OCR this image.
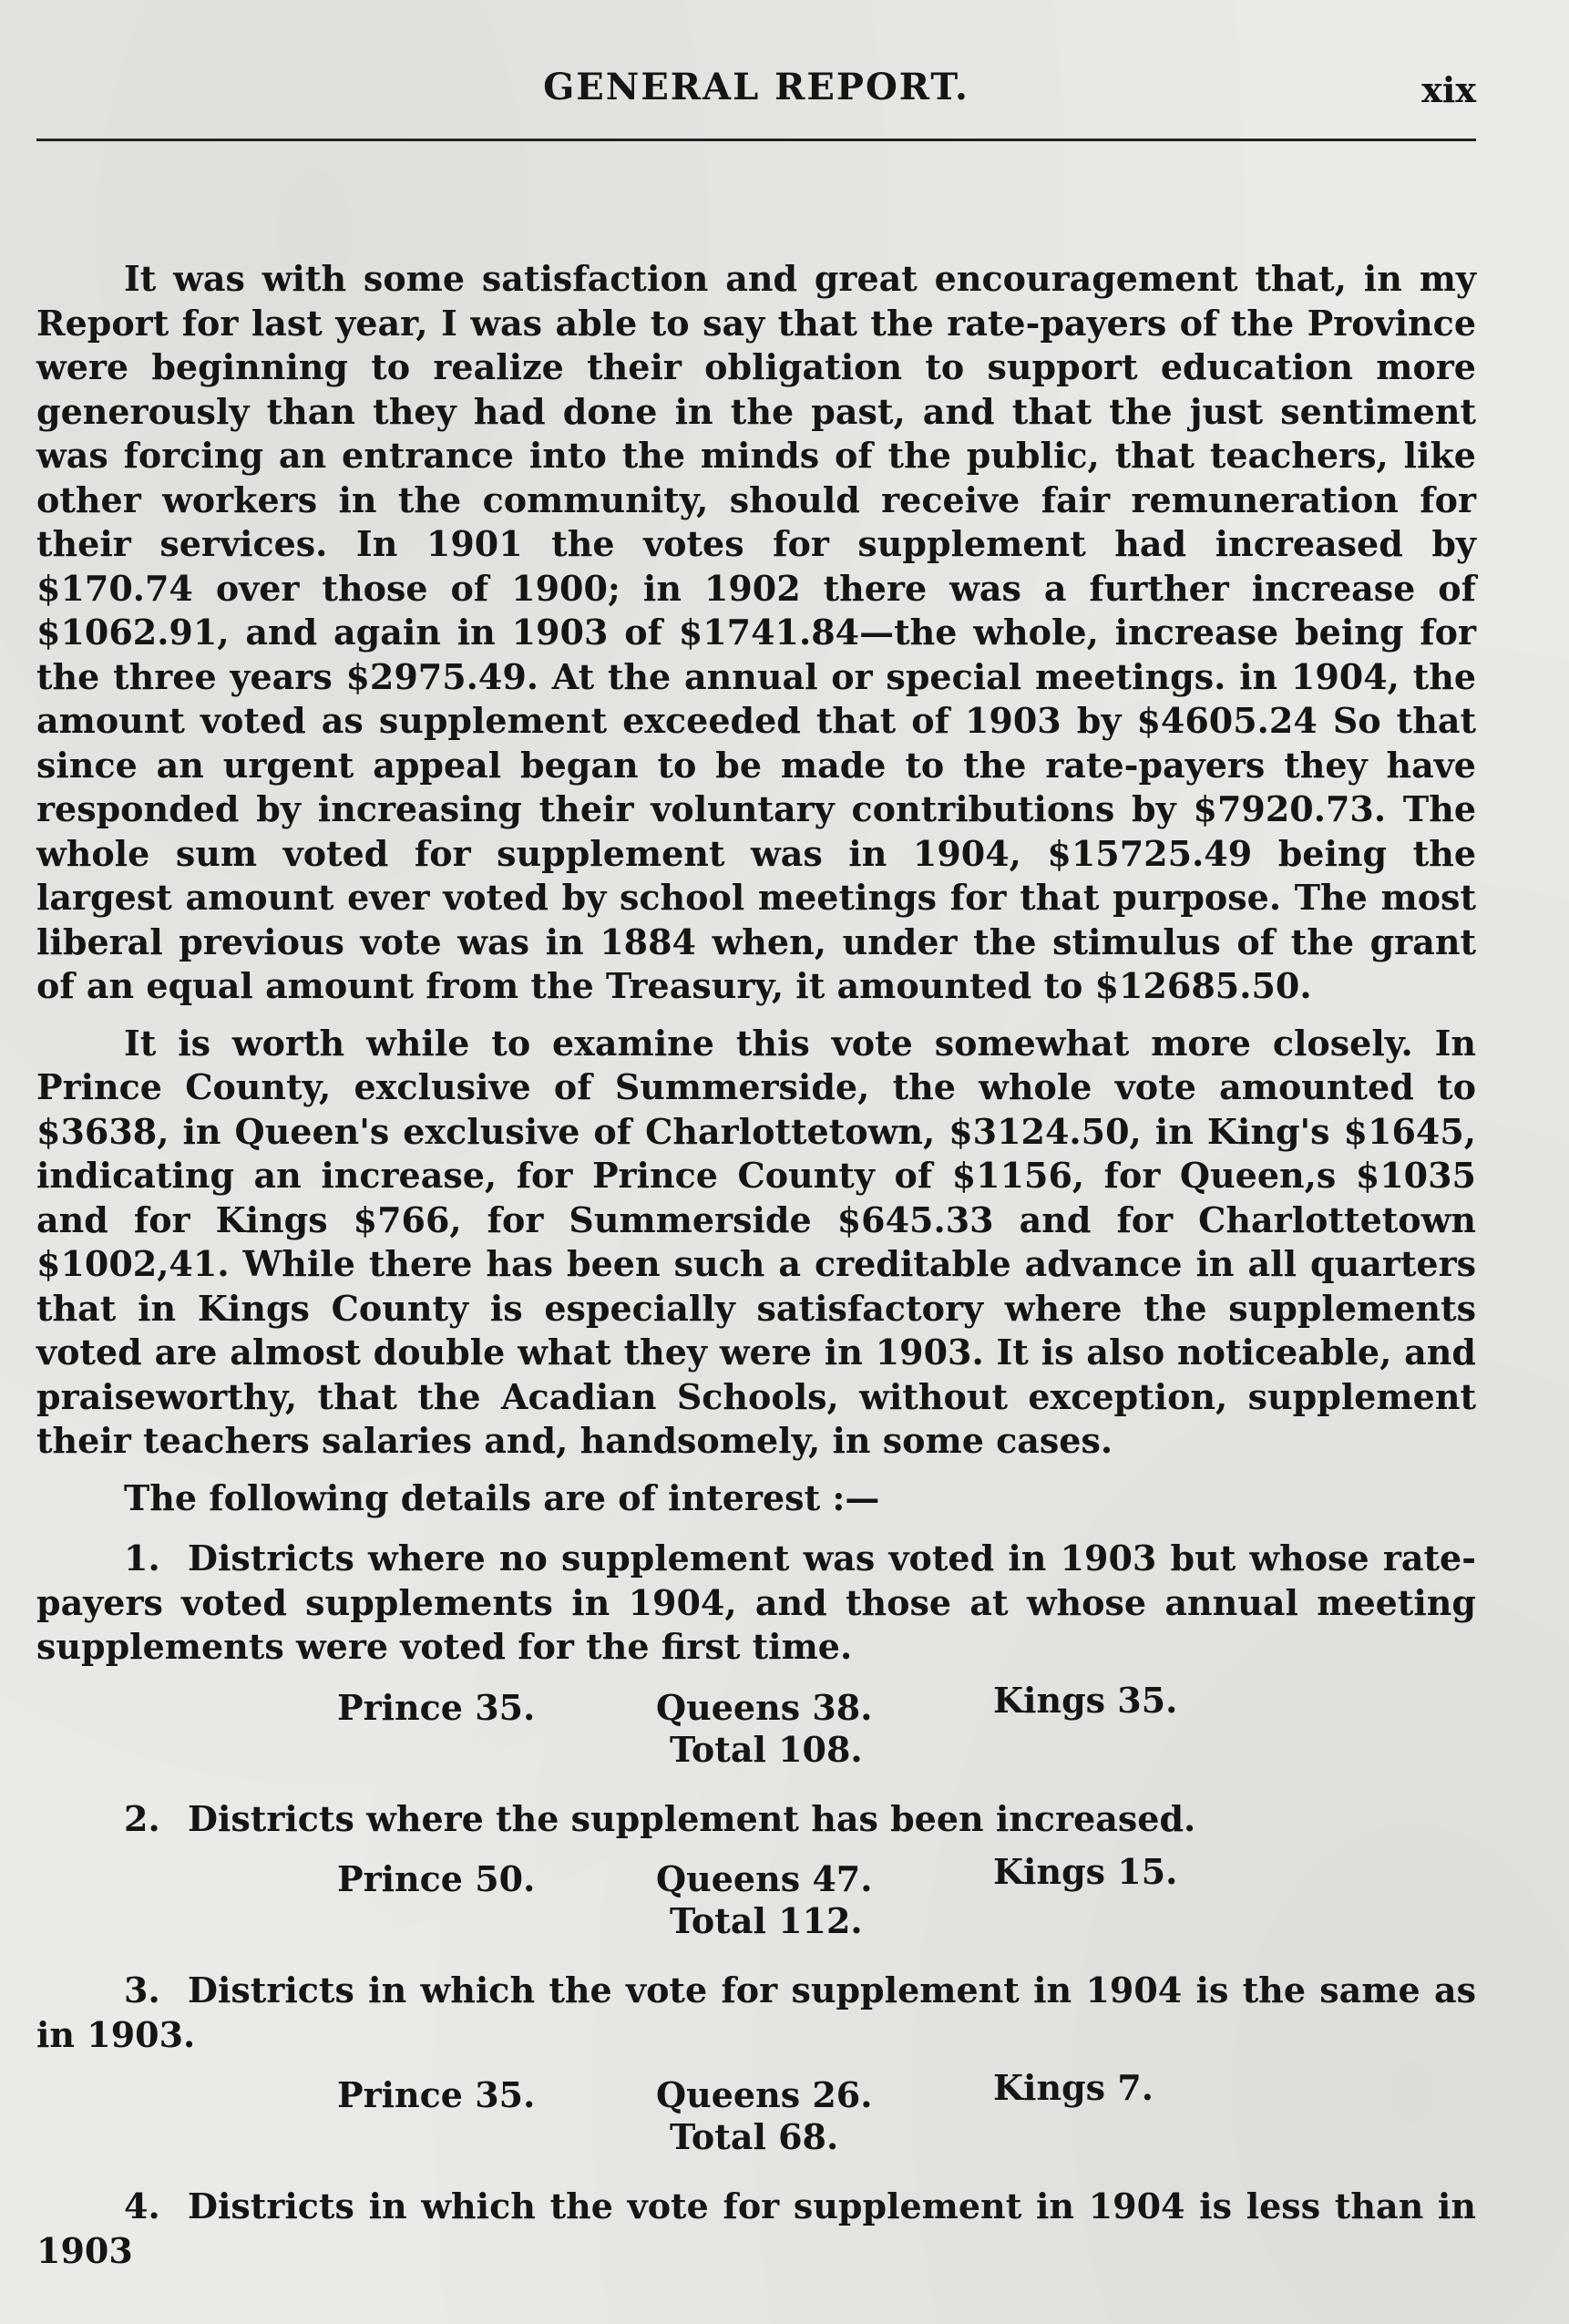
GENERAL REPORT.	xix

It was with some satisfaction and great encouragement that, in my Report for last year, I was able to say that the rate-payers of the Province were beginning to realize their obligation to support education more generously than they had done in the past, and that the just sentiment was forcing an entrance into the minds of the public, that teachers, like other workers in the community, should receive fair remuneration for their services. In 1901 the votes for supplement had increased by $170.74 over those of 1900; in 1902 there was a further increase of $1062.91, and again in 1903 of $1741.84—the whole, increase being for the three years $2975.49. At the annual or special meetings. in 1904, the amount voted as supplement exceeded that of 1903 by $4605.24 So that since an urgent appeal began to be made to the rate-payers they have responded by increasing their voluntary contributions by $7920.73. The whole sum voted for supplement was in 1904, $15725.49 being the largest amount ever voted by school meetings for that purpose. The most liberal previous vote was in 1884 when, under the stimulus of the grant of an equal amount from the Treasury, it amounted to $12685.50.

It is worth while to examine this vote somewhat more closely. In Prince County, exclusive of Summerside, the whole vote amounted to $3638, in Queen's exclusive of Charlottetown, $3124.50, in King's $1645, indicating an increase, for Prince County of $1156, for Queen,s $1035 and for Kings $766, for Summerside $645.33 and for Charlottetown $1002,41. While there has been such a creditable advance in all quarters that in Kings County is especially satisfactory where the supplements voted are almost double what they were in 1903. It is also noticeable, and praiseworthy, that the Acadian Schools, without exception, supplement their teachers salaries and, handsomely, in some cases.

The following details are of interest :—

1. Districts where no supplement was voted in 1903 but whose rate-payers voted supplements in 1904, and those at whose annual meeting supplements were voted for the first time.

Prince 35.	Queens 38.	Kings 35.
Total 108.

2. Districts where the supplement has been increased.

Prince 50.	Queens 47.	Kings 15.
Total 112.

3. Districts in which the vote for supplement in 1904 is the same as in 1903.

Prince 35.	Queens 26.	Kings 7.
Total 68.

4. Districts in which the vote for supplement in 1904 is less than in 1903
